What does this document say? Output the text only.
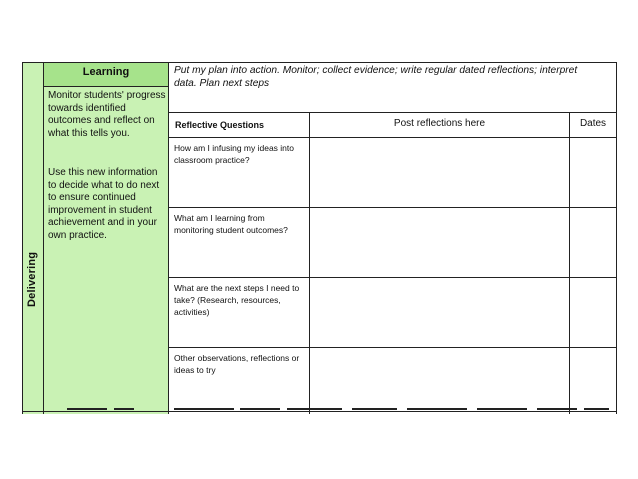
Delivering
Learning	Put my plan into action. Monitor; collect evidence; write regular dated reflections; interpret data. Plan next steps
Monitor students' progress towards identified outcomes and reflect on what this tells you.
Use this new information to decide what to do next to ensure continued improvement in student achievement and in your own practice.
Reflective Questions	Post reflections here	Dates
How am I infusing my ideas into classroom practice?
What am I learning from monitoring student outcomes?
What are the next steps I need to take? (Research, resources, activities)
Other observations, reflections or ideas to try
